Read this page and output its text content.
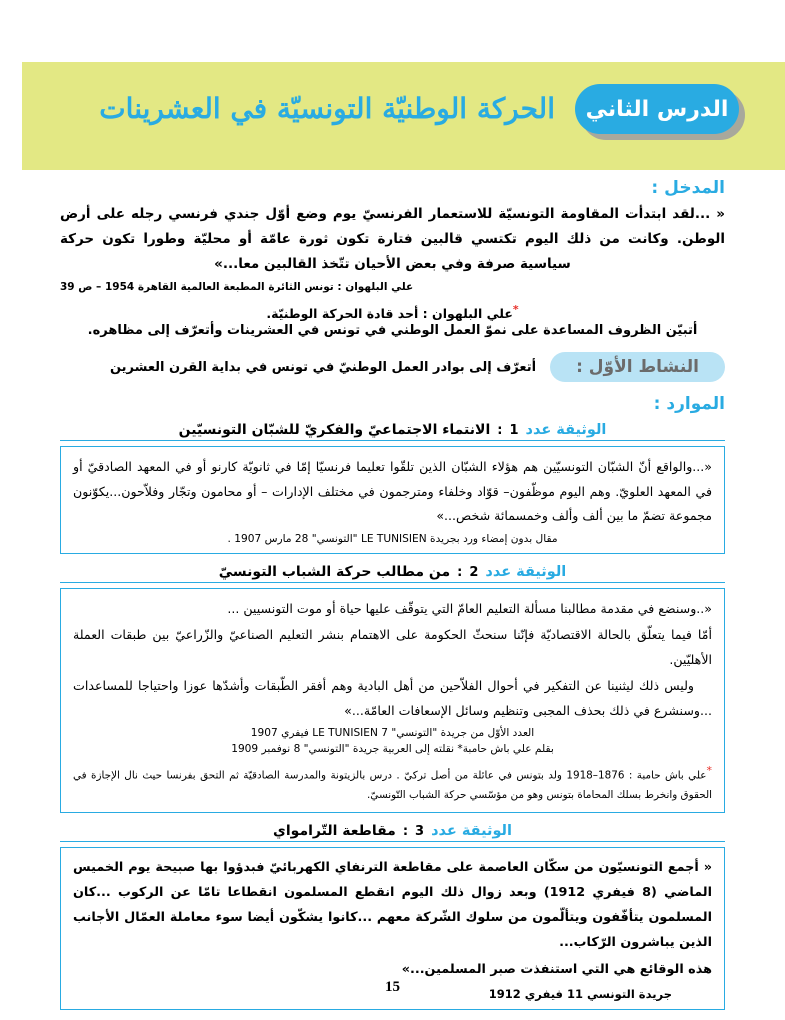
الحركة الوطنيّة التونسيّة في العشرينات الدرس الثاني
المدخل :

« ...لقد ابتدأت المقاومة التونسيّة للاستعمار الفرنسيّ يوم وضع أوّل جندي فرنسي رجله على أرض الوطن. وكانت من ذلك اليوم تكتسي قالبين فتارة تكون ثورة عامّة أو محليّة وطورا تكون حركة سياسية صرفة وفي بعض الأحيان تتّخذ القالبين معا...»

علي البلهوان : تونس الثائرة المطبعة العالمية القاهرة 1954 – ص 39

*علي البلهوان : أحد قادة الحركة الوطنيّة.

أتبيّن الظروف المساعدة على نموّ العمل الوطني في تونس في العشرينات وأتعرّف إلى مظاهره.

النشاط الأوّل :
أتعرّف إلى بوادر العمل الوطنيّ في تونس في بداية القرن العشرين
الموارد :
الوثيقة عدد
1
:
الانتماء الاجتماعيّ والفكريّ للشبّان التونسيّين

«...والواقع أنّ الشبّان التونسيّين هم هؤلاء الشبّان الذين تلقّوا تعليما فرنسيّا إمّا في ثانويّة كارنو أو في المعهد الصادقيّ أو في المعهد العلويّ. وهم اليوم موظّفون– قوّاد وخلفاء ومترجمون في مختلف الإدارات – أو محامون وتجّار وفلاّحون...يكوّنون مجموعة تضمّ ما بين ألف وألف وخمسمائة شخص...»

مقال بدون إمضاء ورد بجريدة LE TUNISIEN "التونسي" 28 مارس 1907 .

الوثيقة عدد
2
:
من مطالب حركة الشباب التونسيّ

«..وسنضع في مقدمة مطالبنا مسألة التعليم العامّ التي يتوقّف عليها حياة أو موت التونسيين ...

أمّا فيما يتعلّق بالحالة الاقتصاديّة فإنّنا سنحثّ الحكومة على الاهتمام بنشر التعليم الصناعيّ والزّراعيّ بين طبقات العملة الأهليّين.

وليس ذلك ليثنينا عن التفكير في أحوال الفلاّحين من أهل البادية وهم أفقر الطّبقات وأشدّها عوزا واحتياجا للمساعدات ...وسنشرع في ذلك بحذف المجبى وتنظيم وسائل الإسعافات العامّة...»

العدد الأوّل من جريدة "التونسي" LE TUNISIEN 7 فيفري 1907

بقلم علي باش حامبة* نقلته إلى العربية جريدة "التونسي" 8 نوفمبر 1909

*علي باش حامبة : 1876–1918 ولد بتونس في عائلة من أصل تركيّ . درس بالزيتونة والمدرسة الصادقيّة ثم التحق بفرنسا حيث نال الإجازة في الحقوق وانخرط بسلك المحاماة بتونس وهو من مؤسّسي حركة الشباب التّونسيّ.

الوثيقة عدد
3
:
مقاطعة التّرامواي

« أجمع التونسيّون من سكّان العاصمة على مقاطعة الترنفاي الكهربائيّ فبدؤوا بها صبيحة يوم الخميس الماضي (8 فيفري 1912) وبعد زوال ذلك اليوم انقطع المسلمون انقطاعا تامّا عن الركوب ...كان المسلمون يتأفّفون ويتألّمون من سلوك الشّركة معهم ...كانوا يشكّون أيضا سوء معاملة العمّال الأجانب الذين يباشرون الرّكاب...

هذه الوقائع هي التي استنفذت صبر المسلمين...»

جريدة التونسي 11 فيفري 1912

15
